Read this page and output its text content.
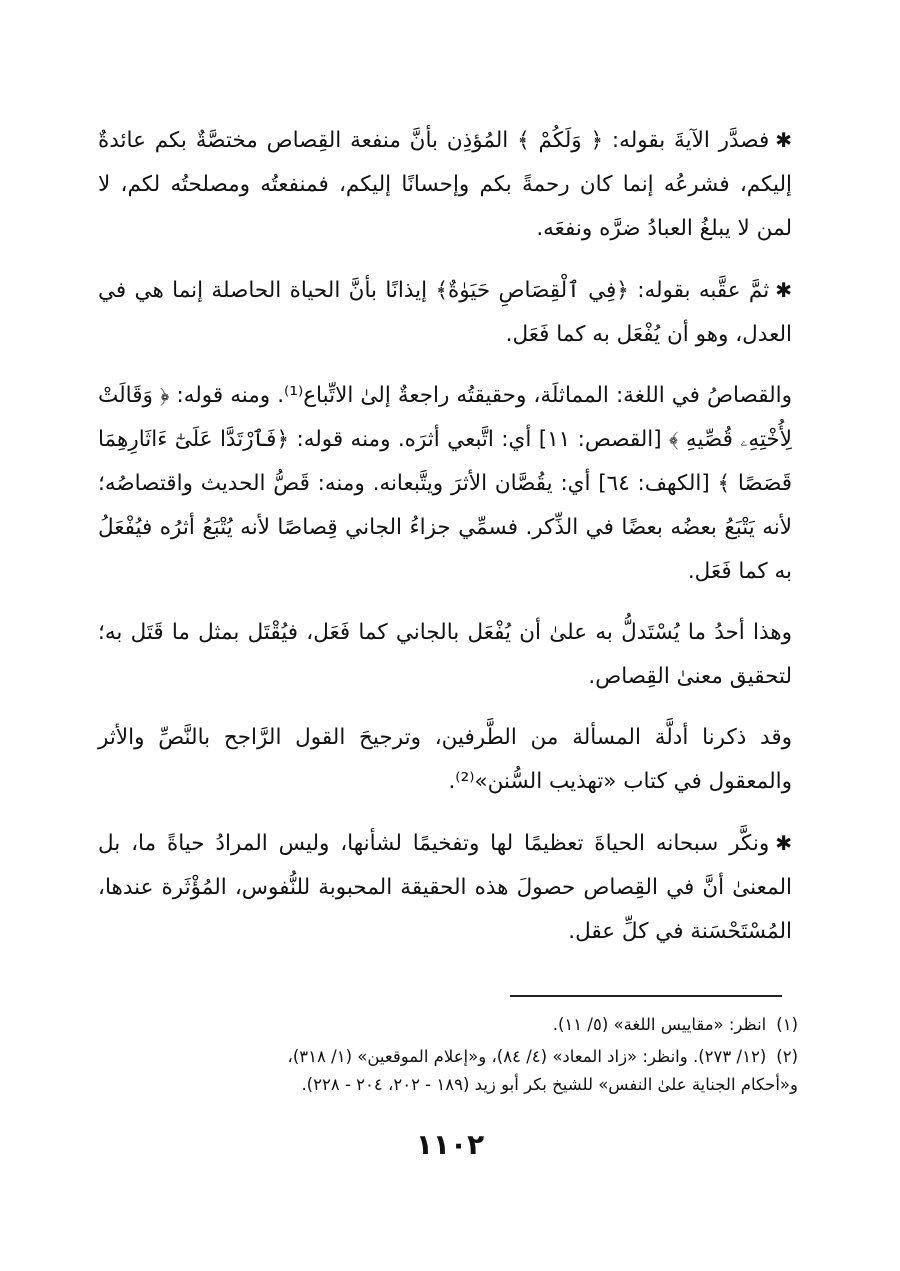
✱فصدَّر الآيةَ بقوله: ﴿ وَلَكُمْ ﴾ المُؤذِن بأنَّ منفعة القِصاص مختصَّةٌ بكم عائدةٌ إليكم، فشرعُه إنما كان رحمةً بكم وإحسانًا إليكم، فمنفعتُه ومصلحتُه لكم، لا لمن لا يبلغُ العبادُ ضرَّه ونفعَه.

✱ثمَّ عقَّبه بقوله: ﴿فِي ٱلْقِصَاصِ حَيَوٰةٌ﴾ إيذانًا بأنَّ الحياة الحاصلة إنما هي في العدل، وهو أن يُفْعَل به كما فَعَل.

والقصاصُ في اللغة: المماثلَة، وحقيقتُه راجعةٌ إلىٰ الاتِّباع⁽¹⁾. ومنه قوله: ﴿ وَقَالَتْ لِأُخْتِهِۦ قُصِّيهِ ﴾ [القصص: ١١] أي: اتَّبعي أثرَه. ومنه قوله: ﴿فَٱرْتَدَّا عَلَىٰٓ ءَاثَارِهِمَا قَصَصًا ﴾ [الكهف: ٦٤] أي: يقُصَّان الأثرَ ويتَّبعانه. ومنه: قَصُّ الحديث واقتصاصُه؛ لأنه يَتْبَعُ بعضُه بعضًا في الذِّكر. فسمِّي جزاءُ الجاني قِصاصًا لأنه يُتْبَعُ أثرُه فيُفْعَلُ به كما فَعَل.

وهذا أحدُ ما يُسْتَدلُّ به علىٰ أن يُفْعَل بالجاني كما فَعَل، فيُقْتَل بمثل ما قَتَل به؛ لتحقيق معنىٰ القِصاص.

وقد ذكرنا أدلَّة المسألة من الطَّرفين، وترجيحَ القول الرَّاجح بالنَّصِّ والأثر والمعقول في كتاب «تهذيب السُّنن»⁽²⁾.

✱ونكَّر سبحانه الحياةَ تعظيمًا لها وتفخيمًا لشأنها، وليس المرادُ حياةً ما، بل المعنىٰ أنَّ في القِصاص حصولَ هذه الحقيقة المحبوبة للنُّفوس، المُؤْثَرة عندها، المُسْتَحْسَنة في كلِّ عقل.

(١)انظر: «مقاييس اللغة» (٥/ ١١).
(٢)(١٢/ ٢٧٣). وانظر: «زاد المعاد» (٤/ ٨٤)، و«إعلام الموقعين» (١/ ٣١٨)،
و«أحكام الجناية علىٰ النفس» للشيخ بكر أبو زيد (١٨٩ - ٢٠٢، ٢٠٤ - ٢٢٨).
١١٠٢
